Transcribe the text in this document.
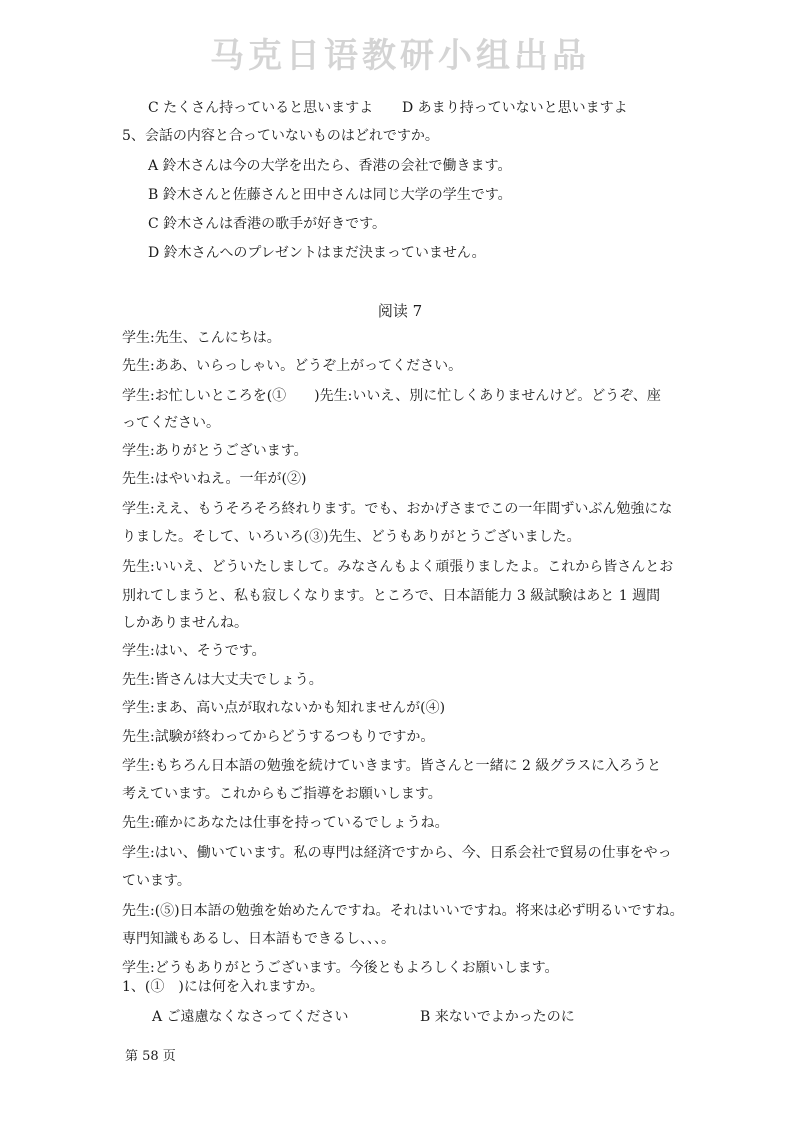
马克日语教研小组出品
C たくさん持っていると思いますよ D あまり持っていないと思いますよ
5、会話の内容と合っていないものはどれですか。
A 鈴木さんは今の大学を出たら、香港の会社で働きます。
B 鈴木さんと佐藤さんと田中さんは同じ大学の学生です。
C 鈴木さんは香港の歌手が好きです。
D 鈴木さんへのプレゼントはまだ決まっていません。
阅读 7
学生:先生、こんにちは。
先生:ああ、いらっしゃい。どうぞ上がってください。
学生:お忙しいところを(①　　)先生:いいえ、別に忙しくありませんけど。どうぞ、座
ってください。
学生:ありがとうございます。
先生:はやいねえ。一年が(②)
学生:ええ、もうそろそろ終れります。でも、おかげさまでこの一年間ずいぶん勉強にな
りました。そして、いろいろ(③)先生、どうもありがとうございました。
先生:いいえ、どういたしまして。みなさんもよく頑張りましたよ。これから皆さんとお
別れてしまうと、私も寂しくなります。ところで、日本語能力 3 級試験はあと 1 週間
しかありませんね。
学生:はい、そうです。
先生:皆さんは大丈夫でしょう。
学生:まあ、高い点が取れないかも知れませんが(④)
先生:試験が終わってからどうするつもりですか。
学生:もちろん日本語の勉強を続けていきます。皆さんと一緒に 2 級グラスに入ろうと
考えています。これからもご指導をお願いします。
先生:確かにあなたは仕事を持っているでしょうね。
学生:はい、働いています。私の専門は経済ですから、今、日系会社で貿易の仕事をやっ
ています。
先生:(⑤)日本語の勉強を始めたんですね。それはいいですね。将来は必ず明るいですね。
専門知識もあるし、日本語もできるし、、、。
学生:どうもありがとうございます。今後ともよろしくお願いします。
1、(①　)には何を入れますか。
A ご遠慮なくなさってください	B 来ないでよかったのに
第 58 页
